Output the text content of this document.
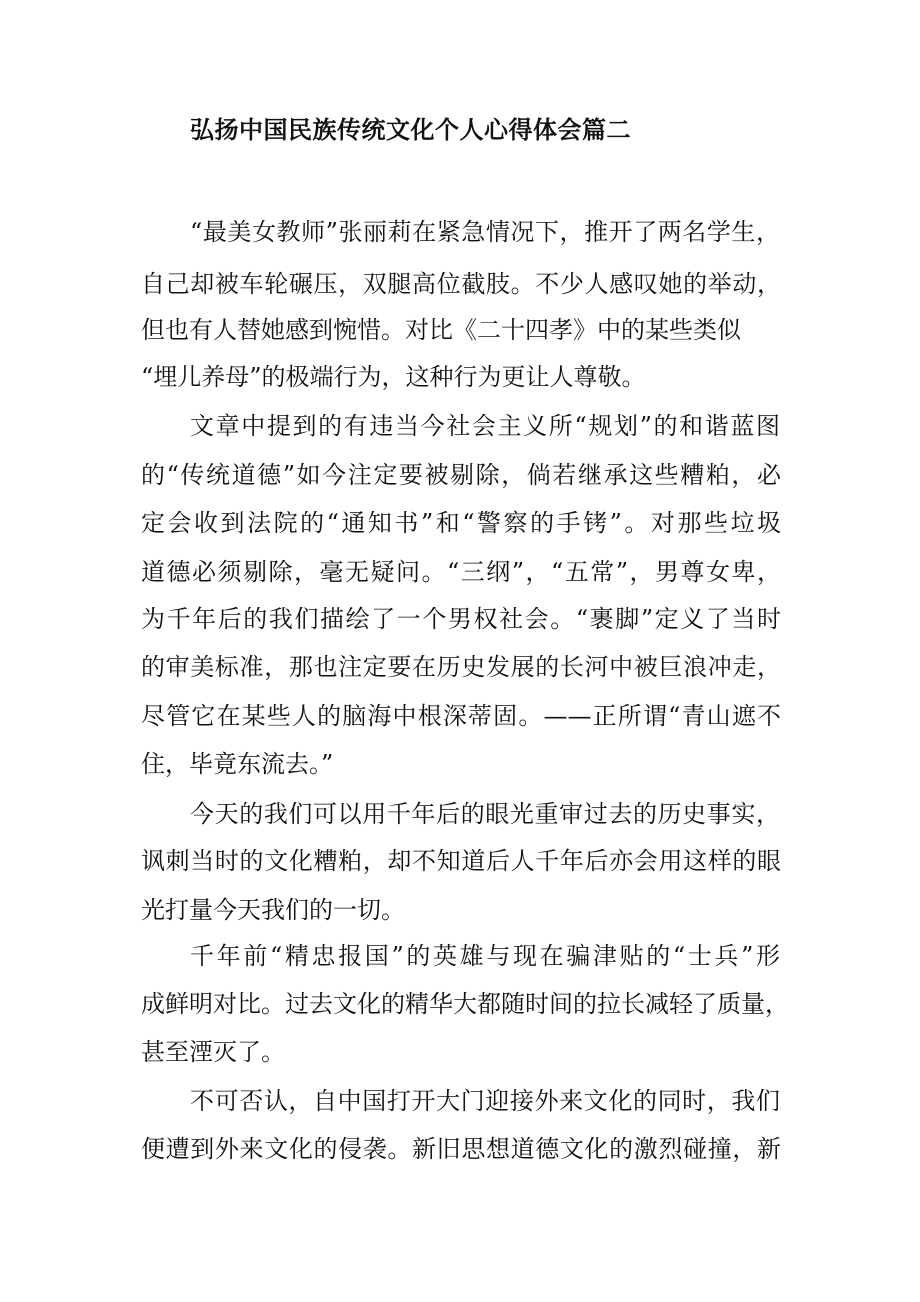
弘扬中国民族传统文化个人心得体会篇二
“最美女教师”张丽莉在紧急情况下，推开了两名学生，
自己却被车轮碾压，双腿高位截肢。不少人感叹她的举动，
但也有人替她感到惋惜。对比《二十四孝》中的某些类似
“埋儿养母”的极端行为，这种行为更让人尊敬。
文章中提到的有违当今社会主义所“规划”的和谐蓝图
的“传统道德”如今注定要被剔除，倘若继承这些糟粕，必
定会收到法院的“通知书”和“警察的手铐”。对那些垃圾
道德必须剔除，毫无疑问。“三纲”，“五常”，男尊女卑，
为千年后的我们描绘了一个男权社会。“裹脚”定义了当时
的审美标准，那也注定要在历史发展的长河中被巨浪冲走，
尽管它在某些人的脑海中根深蒂固。——正所谓“青山遮不
住，毕竟东流去。”
今天的我们可以用千年后的眼光重审过去的历史事实，
讽刺当时的文化糟粕，却不知道后人千年后亦会用这样的眼
光打量今天我们的一切。
千年前“精忠报国”的英雄与现在骗津贴的“士兵”形
成鲜明对比。过去文化的精华大都随时间的拉长减轻了质量，
甚至湮灭了。
不可否认，自中国打开大门迎接外来文化的同时，我们
便遭到外来文化的侵袭。新旧思想道德文化的激烈碰撞，新
